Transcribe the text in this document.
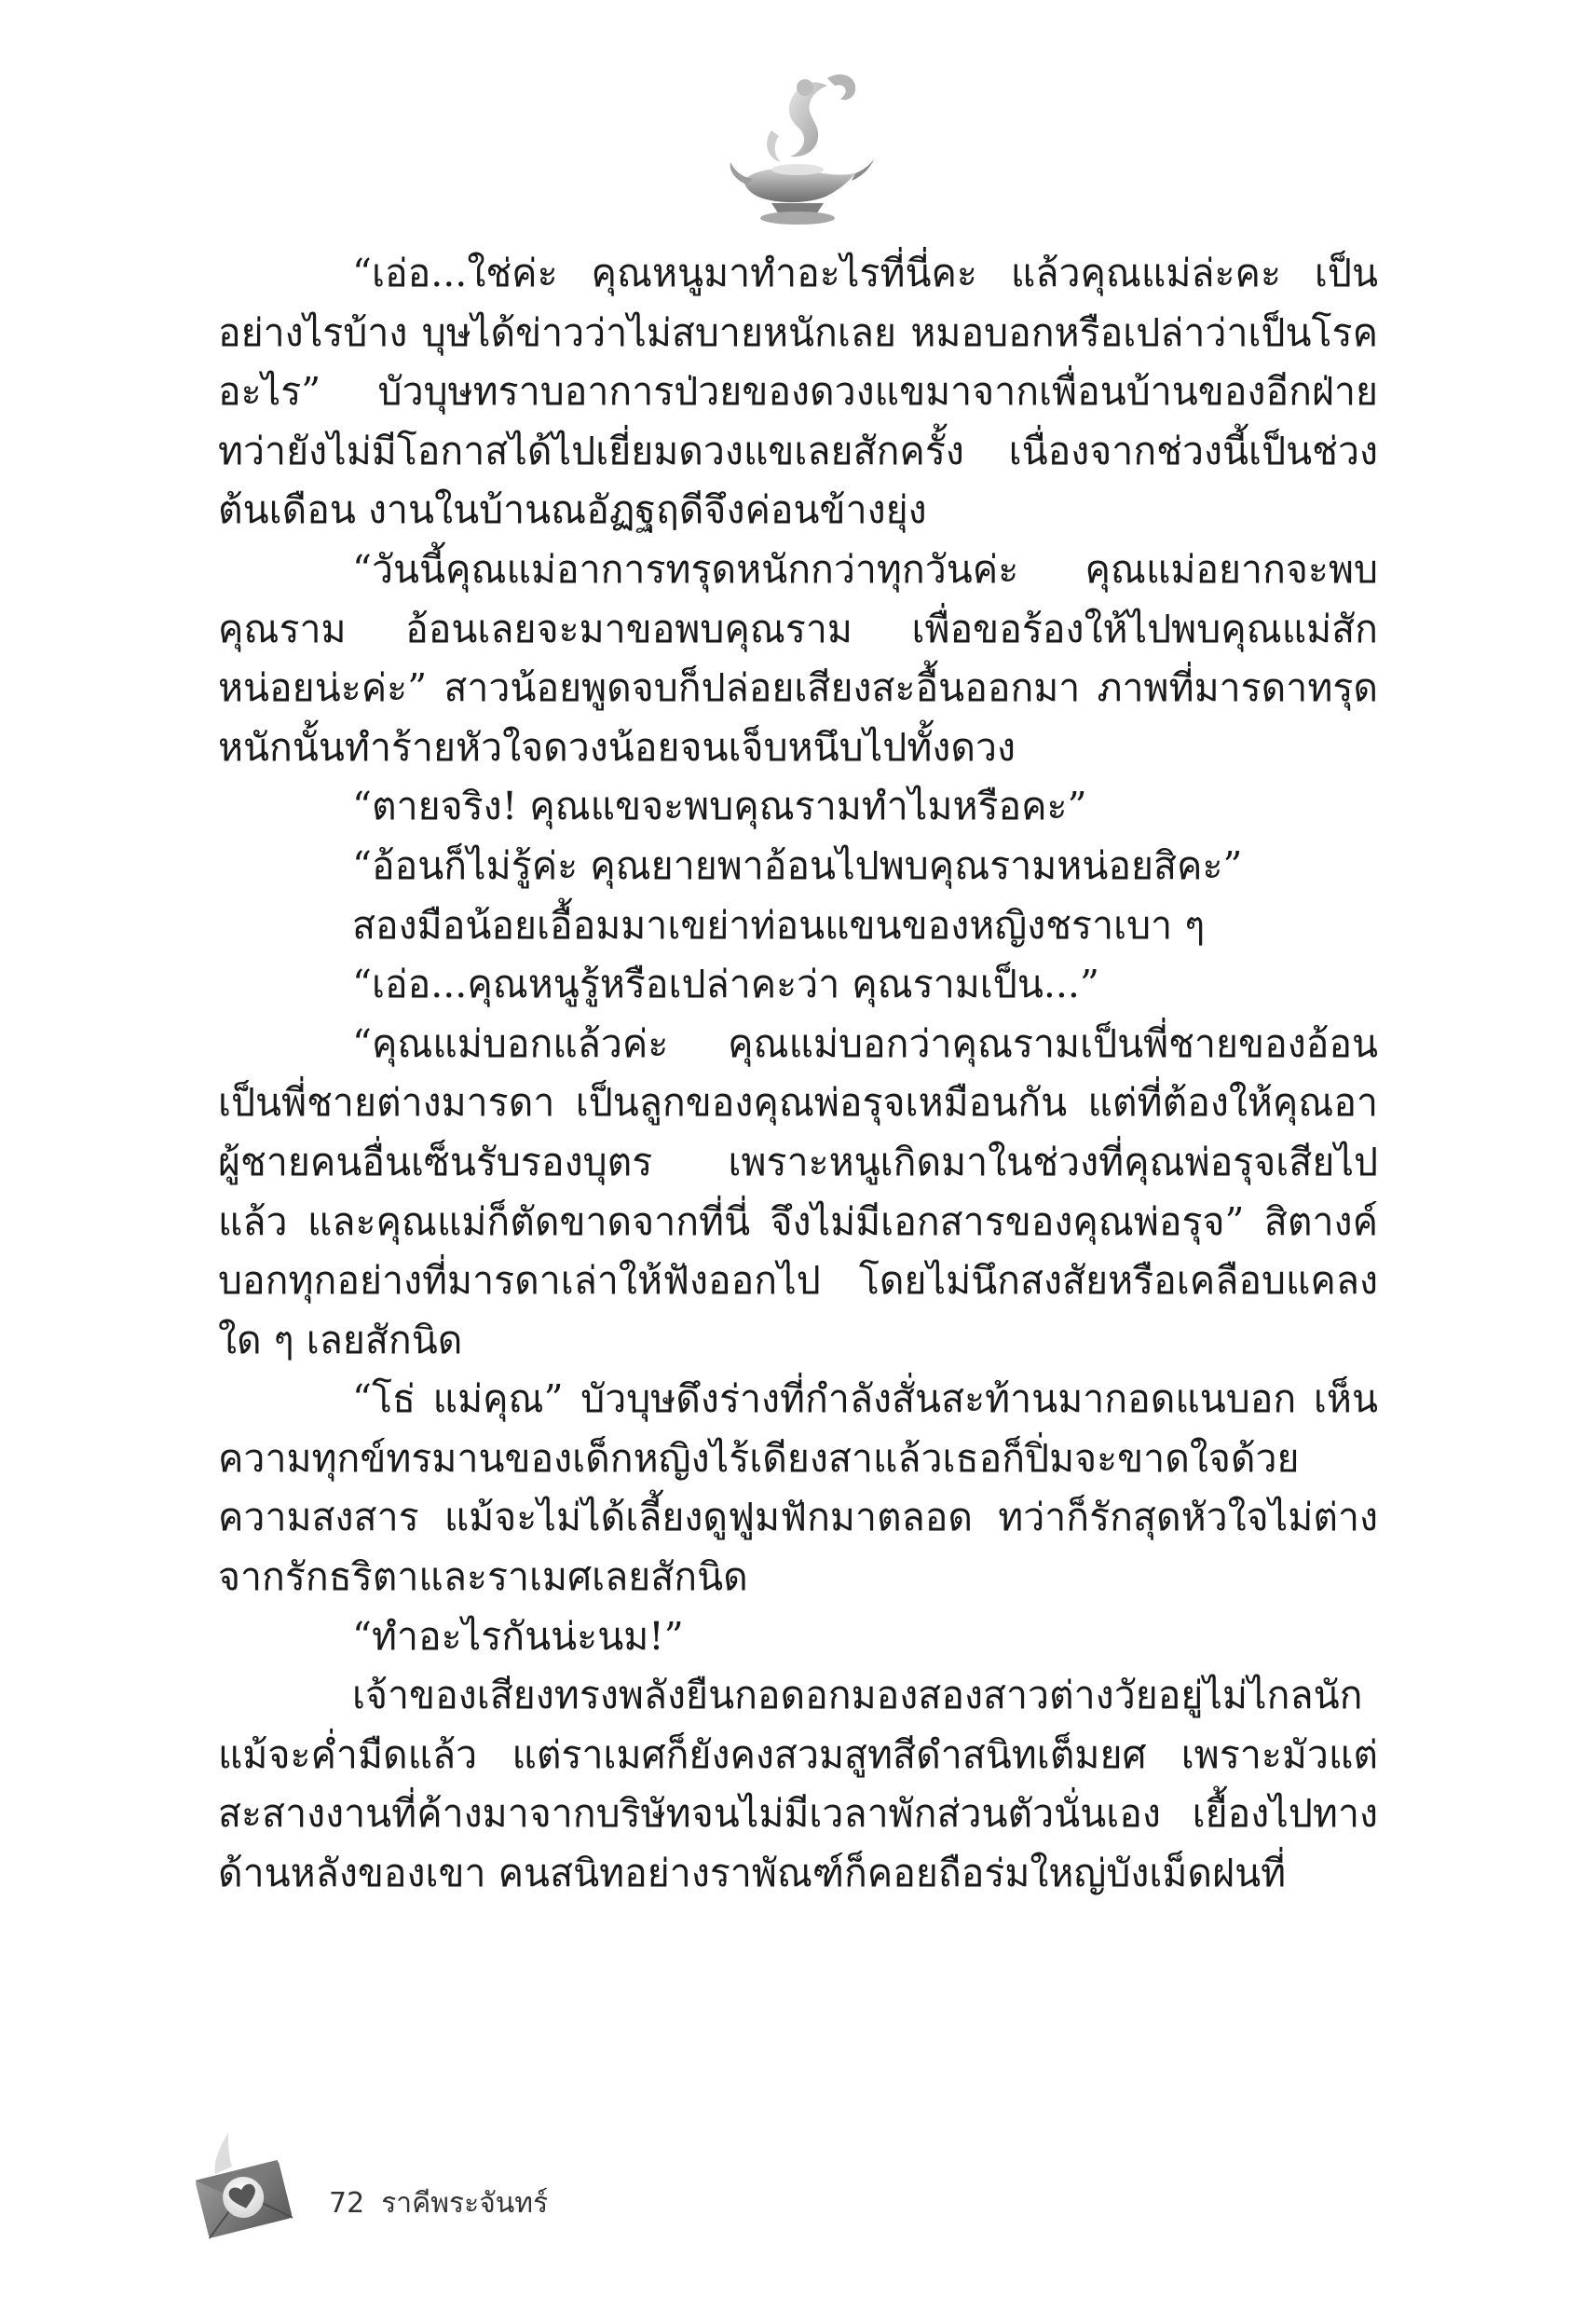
“เอ่อ...ใช่ค่ะ คุณหนูมาทำอะไรที่นี่คะ แล้วคุณแม่ล่ะคะ เป็นอย่างไรบ้าง บุษได้ข่าวว่าไม่สบายหนักเลย หมอบอกหรือเปล่าว่าเป็นโรคอะไร” บัวบุษทราบอาการป่วยของดวงแขมาจากเพื่อนบ้านของอีกฝ่าย ทว่ายังไม่มีโอกาสได้ไปเยี่ยมดวงแขเลยสักครั้ง เนื่องจากช่วงนี้เป็นช่วงต้นเดือน งานในบ้านณอัฏฐฤดีจึงค่อนข้างยุ่ง

“วันนี้คุณแม่อาการทรุดหนักกว่าทุกวันค่ะ คุณแม่อยากจะพบคุณราม อ้อนเลยจะมาขอพบคุณราม เพื่อขอร้องให้ไปพบคุณแม่สักหน่อยน่ะค่ะ” สาวน้อยพูดจบก็ปล่อยเสียงสะอื้นออกมา ภาพที่มารดาทรุดหนักนั้นทำร้ายหัวใจดวงน้อยจนเจ็บหนึบไปทั้งดวง

“ตายจริง! คุณแขจะพบคุณรามทำไมหรือคะ”

“อ้อนก็ไม่รู้ค่ะ คุณยายพาอ้อนไปพบคุณรามหน่อยสิคะ”

สองมือน้อยเอื้อมมาเขย่าท่อนแขนของหญิงชราเบา ๆ

“เอ่อ...คุณหนูรู้หรือเปล่าคะว่า คุณรามเป็น...”

“คุณแม่บอกแล้วค่ะ คุณแม่บอกว่าคุณรามเป็นพี่ชายของอ้อนเป็นพี่ชายต่างมารดา เป็นลูกของคุณพ่อรุจเหมือนกัน แต่ที่ต้องให้คุณอาผู้ชายคนอื่นเซ็นรับรองบุตร เพราะหนูเกิดมาในช่วงที่คุณพ่อรุจเสียไปแล้ว และคุณแม่ก็ตัดขาดจากที่นี่ จึงไม่มีเอกสารของคุณพ่อรุจ” สิตางค์บอกทุกอย่างที่มารดาเล่าให้ฟังออกไป โดยไม่นึกสงสัยหรือเคลือบแคลงใด ๆ เลยสักนิด

“โธ่ แม่คุณ” บัวบุษดึงร่างที่กำลังสั่นสะท้านมากอดแนบอก เห็นความทุกข์ทรมานของเด็กหญิงไร้เดียงสาแล้วเธอก็ปิ่มจะขาดใจด้วยความสงสาร แม้จะไม่ได้เลี้ยงดูฟูมฟักมาตลอด ทว่าก็รักสุดหัวใจไม่ต่างจากรักธริตาและราเมศเลยสักนิด

“ทำอะไรกันน่ะนม!”

เจ้าของเสียงทรงพลังยืนกอดอกมองสองสาวต่างวัยอยู่ไม่ไกลนัก แม้จะค่ำมืดแล้ว แต่ราเมศก็ยังคงสวมสูทสีดำสนิทเต็มยศ เพราะมัวแต่สะสางงานที่ค้างมาจากบริษัทจนไม่มีเวลาพักส่วนตัวนั่นเอง เยื้องไปทางด้านหลังของเขา คนสนิทอย่างราพัณฑ์ก็คอยถือร่มใหญ่บังเม็ดฝนที่

72 ราคีพระจันทร์
